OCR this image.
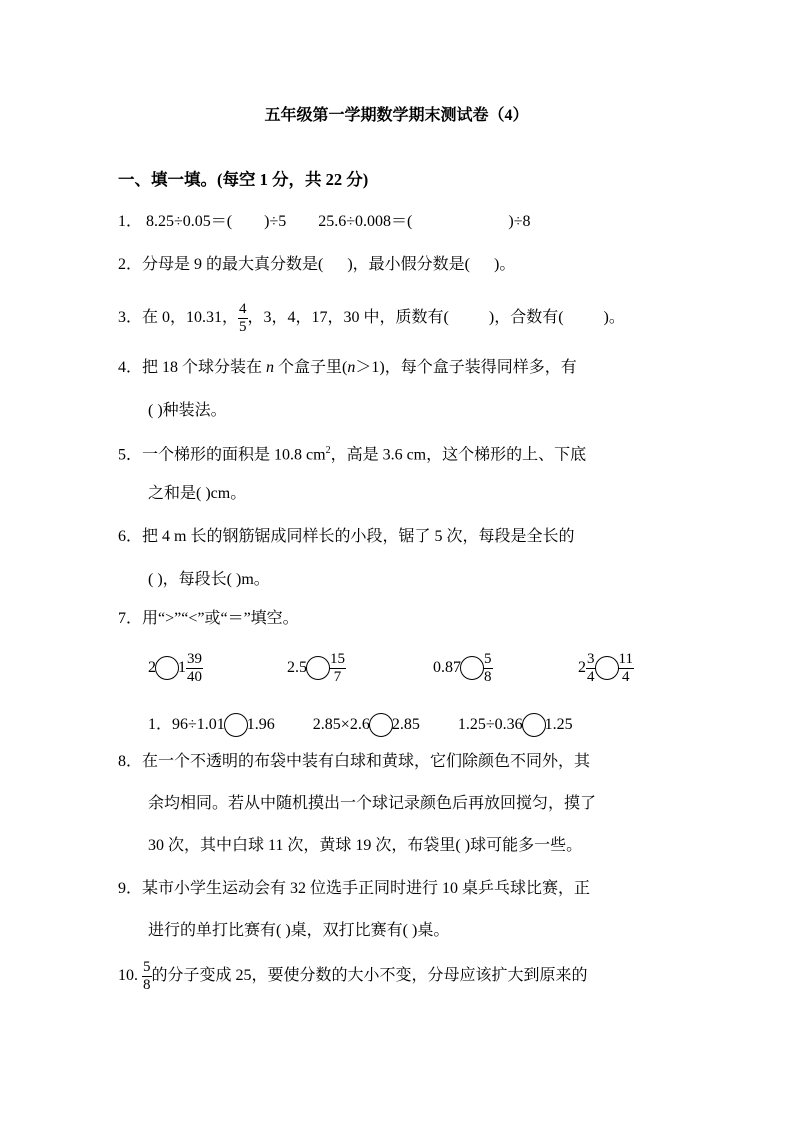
五年级第一学期数学期末测试卷（4）
一、填一填。(每空 1 分，共 22 分)
1． 8.25÷0.05＝( )÷5 25.6÷0.008＝(	)÷8
2．分母是 9 的最大真分数是(      )，最小假分数是(      )。
3．在 0，10.31， $\frac{4}{5}$ ，3，4，17，30 中，质数有(          )，合数有(          )。
4．把 18 个球分装在 n 个盒子里(n＞1)，每个盒子装得同样多，有
( )种装法。
5．一个梯形的面积是 10.8 $cm^2$，高是 3.6 cm，这个梯形的上、下底
之和是( )cm。
6．把 4 m 长的钢筋锯成同样长的小段，锯了 5 次，每段是全长的
( )，每段长( )m。
7．用“>”“<”或“＝”填空。
2 $1 \frac{39}{40}$	$2.5 \frac{15}{7}$	$0.87 \frac{5}{8}$	$2 \frac{3}{4} \frac{11}{4}$
1．96÷1.01 1.96 2.85×2.6 2.85 1.25÷0.36 1.25
8．在一个不透明的布袋中装有白球和黄球，它们除颜色不同外，其
余均相同。若从中随机摸出一个球记录颜色后再放回搅匀，摸了
30 次，其中白球 11 次，黄球 19 次，布袋里( )球可能多一些。
9．某市小学生运动会有 32 位选手正同时进行 10 桌乒乓球比赛，正
进行的单打比赛有( )桌，双打比赛有( )桌。
10. $\frac{5}{8}$ 的分子变成 25，要使分数的大小不变，分母应该扩大到原来的
